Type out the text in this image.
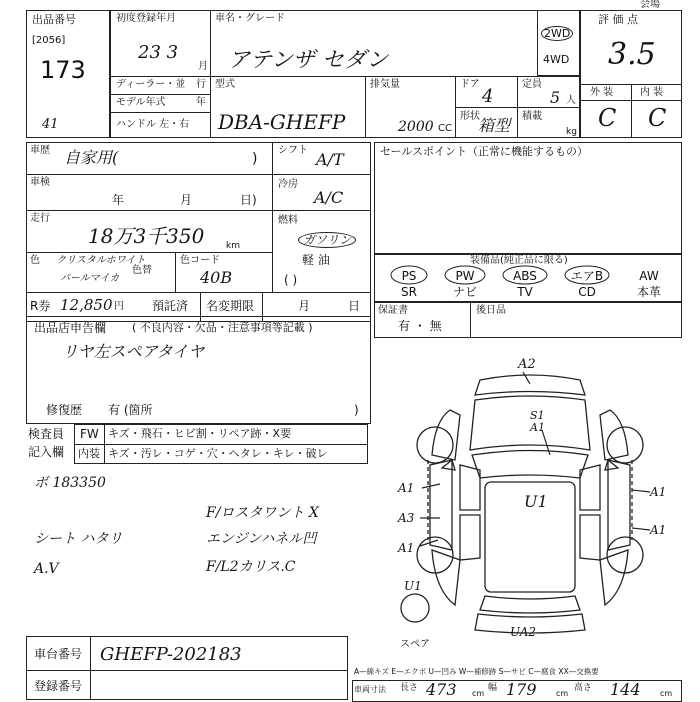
出品番号
[2056]
173
41
初度登録年月
23 3
月
車名・グレード
アテンザ セダン
ディーラー・並 行
モデル年式	年
ハンドル 左・右
型式
DBA-GHEFP
排気量
2000 CC
ドア
4
定員
5 人
形状
箱型 積載
kg
2WD
4WD
評 価 点
3.5
外 装	内 装
C C
会場
車歴 自家用(	)
シフト A/T
車検
年	月	日)
冷房
A/C
走行
18万3千350 km
燃料
ガソリン
軽 油
( )
色 クリスタルホワイト
パールマイカ
色替
色コード
40B
R券 12,850 円 預託済 名変期限	月	日
出品店申告欄 ( 不良内容・欠品・注意事項等記載 )
リヤ左スペアタイヤ
修復歴 有 (箇所	)
検査員
記入欄
FW キズ・飛石・ヒビ割・リペア跡・X要
内装 キズ・汚レ・コゲ・穴・へタレ・キレ・破レ
ボ 183350
F/ロスタワント X
シート ハタリ	エンジンハネル凹
A.V	F/L2カリス.C
車台番号 GHEFP-202183
登録番号
セールスポイント（正常に機能するもの）
装備品(純正品に限る)
PS	PW	ABS	エアB	AW
SR	ナビ	TV	CD	本革
保証書
有 ・ 無
後日品
A2
S1 A1
A1
A3
A1
U1	A1
A1
U1
UA2
スペア
A—線キズ E—エクボ U—凹み W—補修跡 S—サビ C—腐食 XX—交換要
車両寸法 長さ 473 cm
幅 179 cm
高さ 144 cm
